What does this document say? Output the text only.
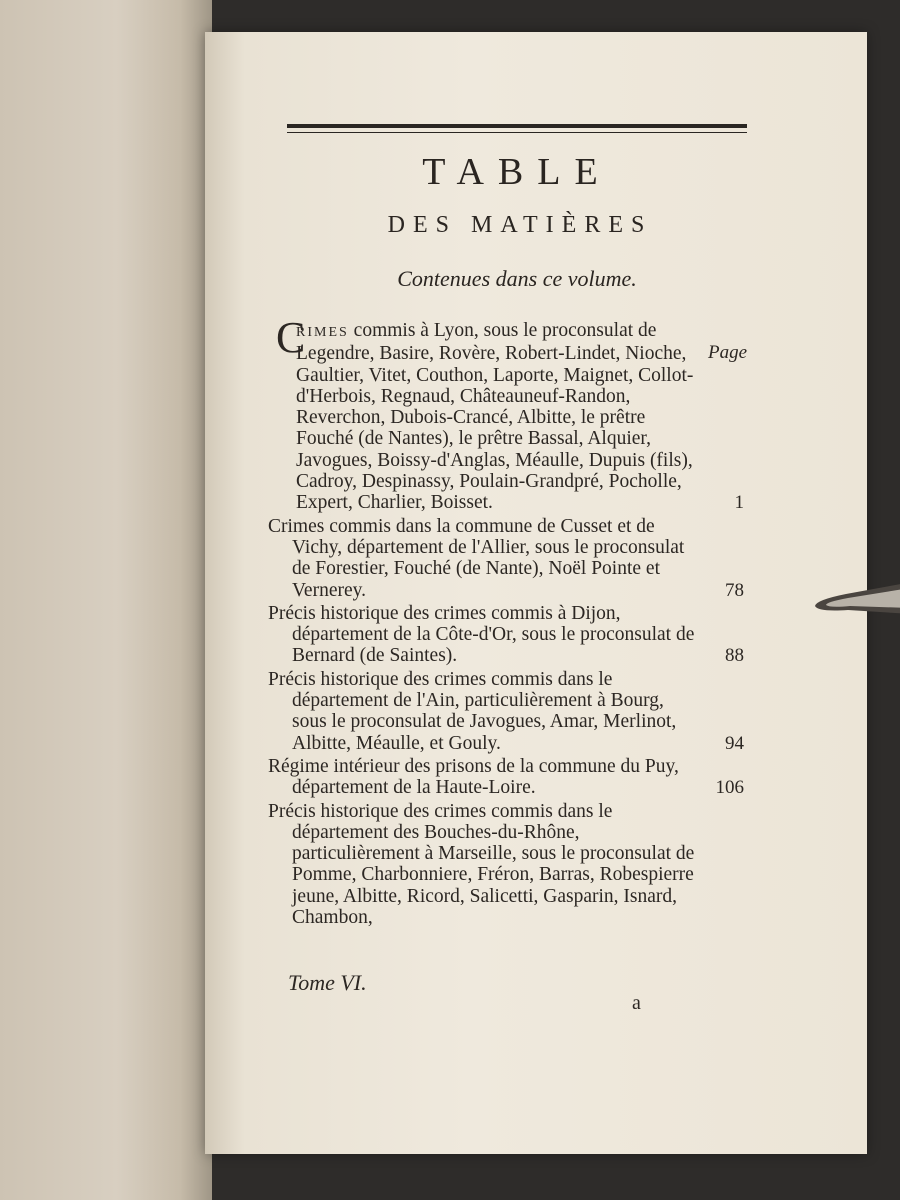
TABLE
DES MATIÈRES
Contenues dans ce volume.
Page
C
RIMES commis à Lyon, sous le proconsulat de Legendre, Basire, Rovère, Robert-Lindet, Nioche, Gaultier, Vitet, Couthon, Laporte, Maignet, Collot-d'Herbois, Regnaud, Châteauneuf-Randon, Reverchon, Dubois-Crancé, Albitte, le prêtre Fouché (de Nantes), le prêtre Bassal, Alquier, Javogues, Boissy-d'Anglas, Méaulle, Dupuis (fils), Cadroy, Despinassy, Poulain-Grandpré, Pocholle, Expert, Charlier, Boisset.	1
Crimes commis dans la commune de Cusset et de Vichy, département de l'Allier, sous le proconsulat de Forestier, Fouché (de Nante), Noël Pointe et Vernerey.	78
Précis historique des crimes commis à Dijon, département de la Côte-d'Or, sous le proconsulat de Bernard (de Saintes).	88
Précis historique des crimes commis dans le département de l'Ain, particulièrement à Bourg, sous le proconsulat de Javogues, Amar, Merlinot, Albitte, Méaulle, et Gouly.	94
Régime intérieur des prisons de la commune du Puy, département de la Haute-Loire.	106
Précis historique des crimes commis dans le département des Bouches-du-Rhône, particulièrement à Marseille, sous le proconsulat de Pomme, Charbonniere, Fréron, Barras, Robespierre jeune, Albitte, Ricord, Salicetti, Gasparin, Isnard, Chambon,
Tome VI.
a
